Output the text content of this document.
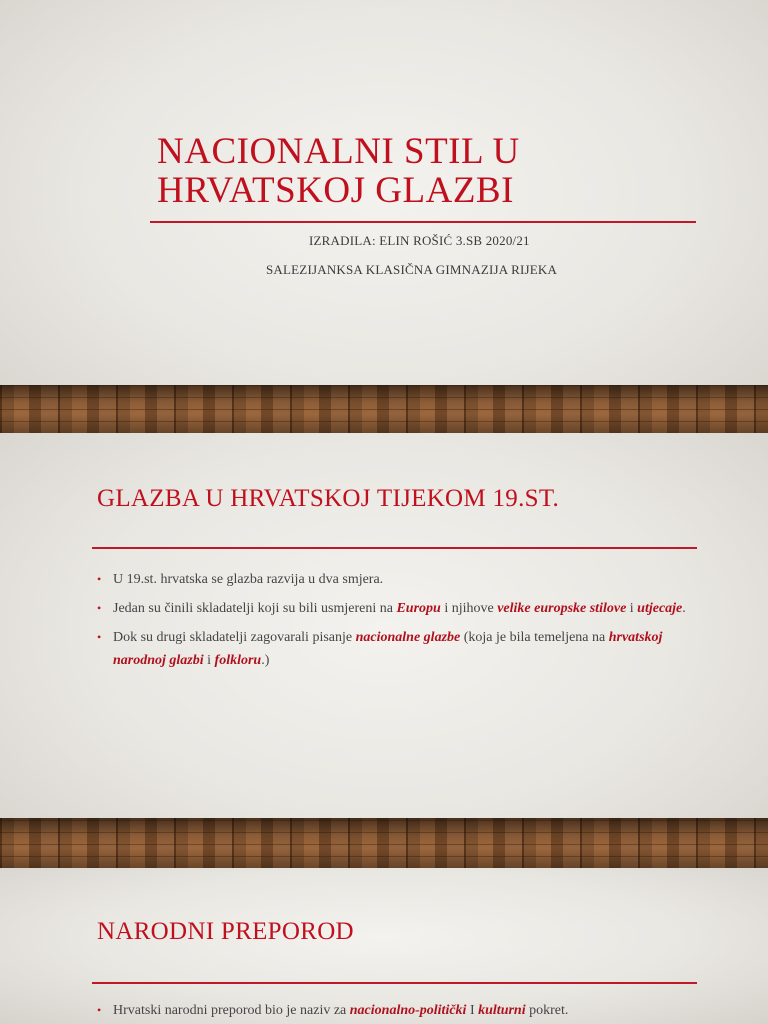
NACIONALNI STIL U
HRVATSKOJ GLAZBI
IZRADILA: ELIN ROŠIĆ 3.SB 2020/21
SALEZIJANKSA KLASIČNA GIMNAZIJA RIJEKA
GLAZBA U HRVATSKOJ TIJEKOM 19.ST.
• U 19.st. hrvatska se glazba razvija u dva smjera.
• Jedan su činili skladatelji koji su bili usmjereni na Europu i njihove velike europske stilove i utjecaje.
• Dok su drugi skladatelji zagovarali pisanje nacionalne glazbe (koja je bila temeljena na hrvatskoj narodnoj glazbi i folkloru.)
NARODNI PREPOROD
• Hrvatski narodni preporod bio je naziv za nacionalno-politički I kulturni pokret.
